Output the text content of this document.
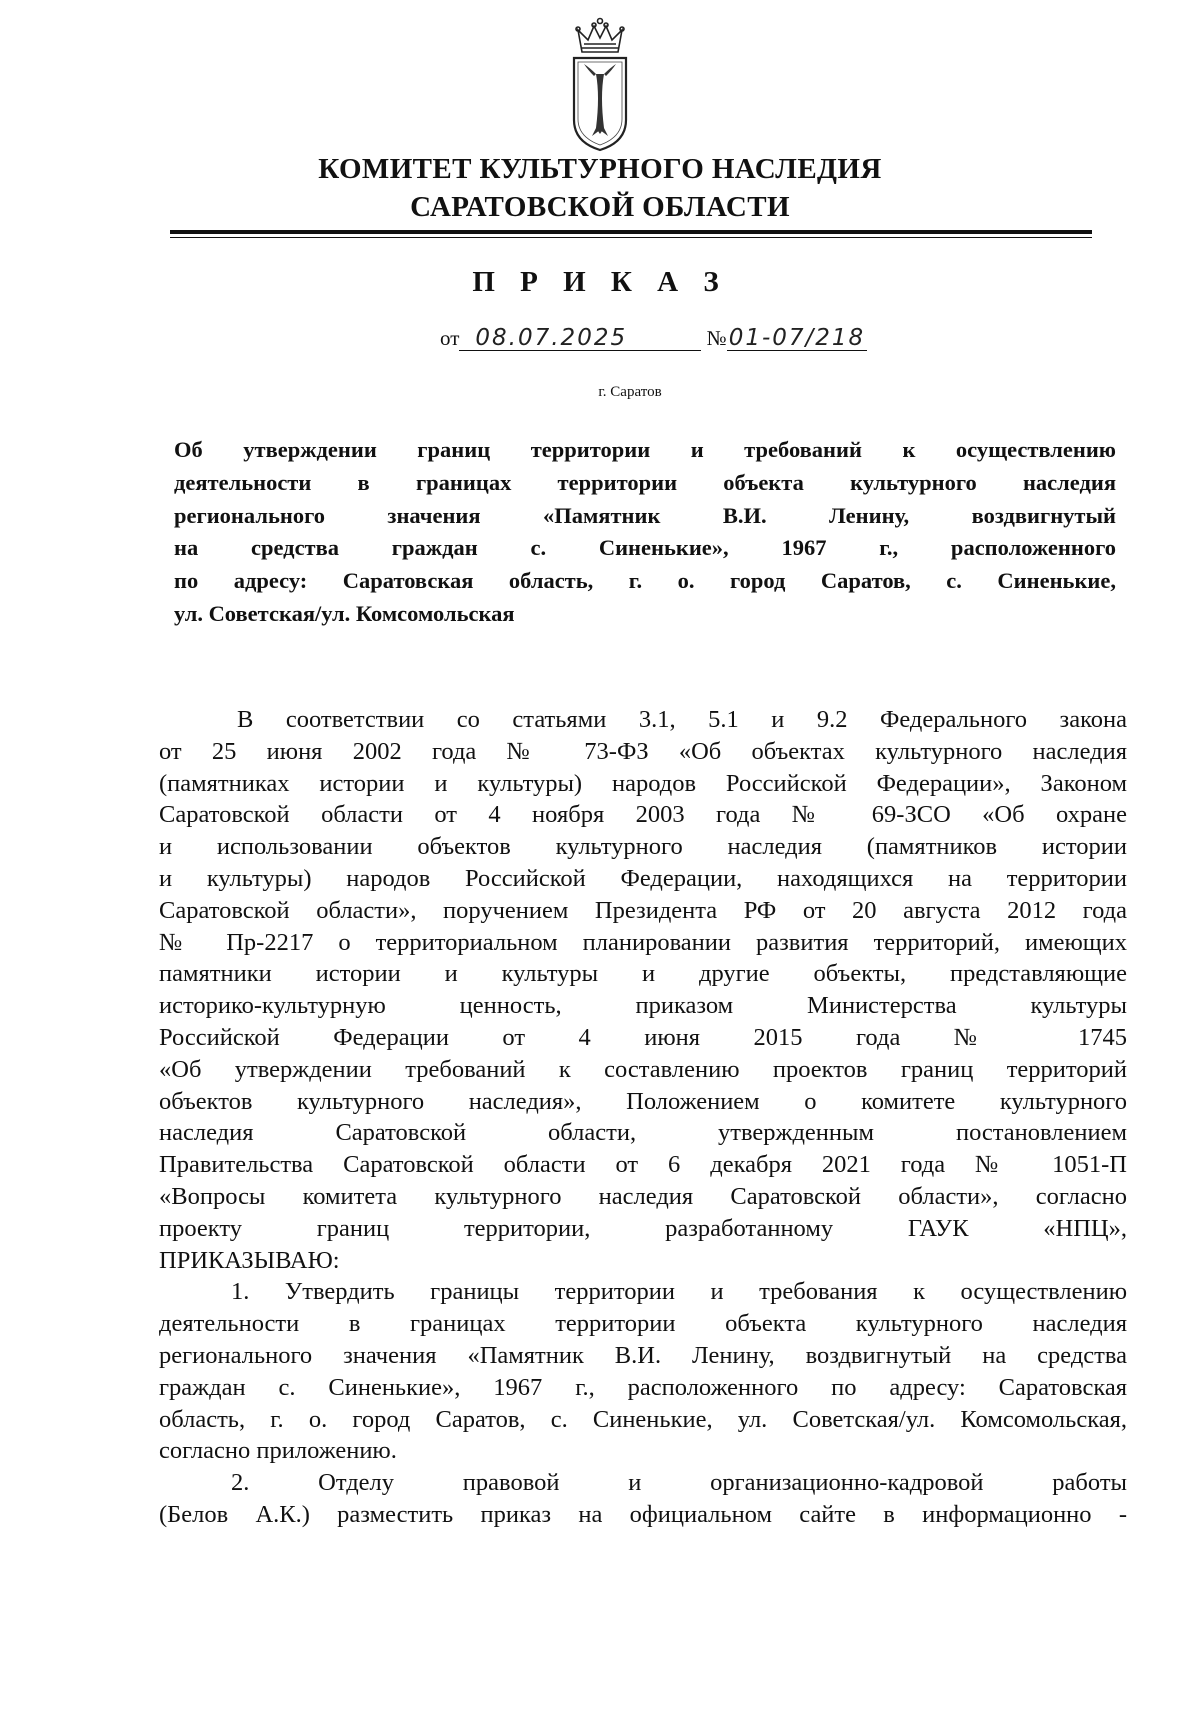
КОМИТЕТ КУЛЬТУРНОГО НАСЛЕДИЯ
САРАТОВСКОЙ ОБЛАСТИ
П Р И К А З
от 08.07.2025	№01-07/218
г. Саратов

Об утверждении границ территории и требований к осуществлению

деятельности в границах территории объекта культурного наследия

регионального значения «Памятник В.И. Ленину, воздвигнутый

на средства граждан с. Синенькие», 1967 г., расположенного

по адресу: Саратовская область, г. о. город Саратов, с. Синенькие,

ул. Советская/ул. Комсомольская

В соответствии со статьями 3.1, 5.1 и 9.2 Федерального закона
от 25 июня 2002 года № 73-ФЗ «Об объектах культурного наследия
(памятниках истории и культуры) народов Российской Федерации», Законом
Саратовской области от 4 ноября 2003 года № 69-ЗСО «Об охране
и использовании объектов культурного наследия (памятников истории
и культуры) народов Российской Федерации, находящихся на территории
Саратовской области», поручением Президента РФ от 20 августа 2012 года
№ Пр-2217 о территориальном планировании развития территорий, имеющих
памятники истории и культуры и другие объекты, представляющие
историко-культурную ценность, приказом Министерства культуры
Российской Федерации от 4 июня 2015 года № 1745
«Об утверждении требований к составлению проектов границ территорий
объектов культурного наследия», Положением о комитете культурного
наследия Саратовской области, утвержденным постановлением
Правительства Саратовской области от 6 декабря 2021 года № 1051-П
«Вопросы комитета культурного наследия Саратовской области», согласно
проекту границ территории, разработанному ГАУК «НПЦ»,
ПРИКАЗЫВАЮ:
1. Утвердить границы территории и требования к осуществлению
деятельности в границах территории объекта культурного наследия
регионального значения «Памятник В.И. Ленину, воздвигнутый на средства
граждан с. Синенькие», 1967 г., расположенного по адресу: Саратовская
область, г. о. город Саратов, с. Синенькие, ул. Советская/ул. Комсомольская,
согласно приложению.
2. Отделу правовой и организационно-кадровой работы
(Белов А.К.) разместить приказ на официальном сайте в информационно -
